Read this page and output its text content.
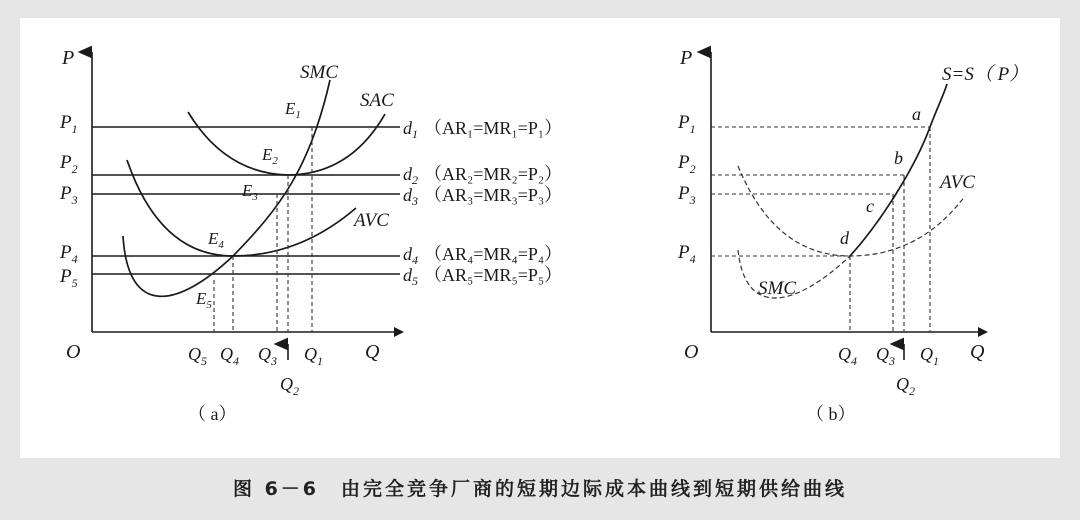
P
Q
O
$P_1$
$P_2$
$P_3$
$P_4$
$P_5$
$d_1$ （AR₁=MR₁=P₁）
$d_2$ （AR₂=MR₂=P₂）
$d_3$ （AR₃=MR₃=P₃）
$d_4$ （AR₄=MR₄=P₄）
$d_5$ （AR₅=MR₅=P₅）
SMC
SAC
AVC
$E_1$
$E_2$
$E_3$
$E_4$
$E_5$
$Q_5$ $Q_4$ $Q_3$ $Q_1$
$Q_2$
（ a）
P
Q
O
a
b
c
d
S=S（ P）
AVC
SMC
$P_1$
$P_2$
$P_3$
$P_4$
$Q_4$ $Q_3$ $Q_1$
$Q_2$
（ b）
图 6－6　由完全竞争厂商的短期边际成本曲线到短期供给曲线
